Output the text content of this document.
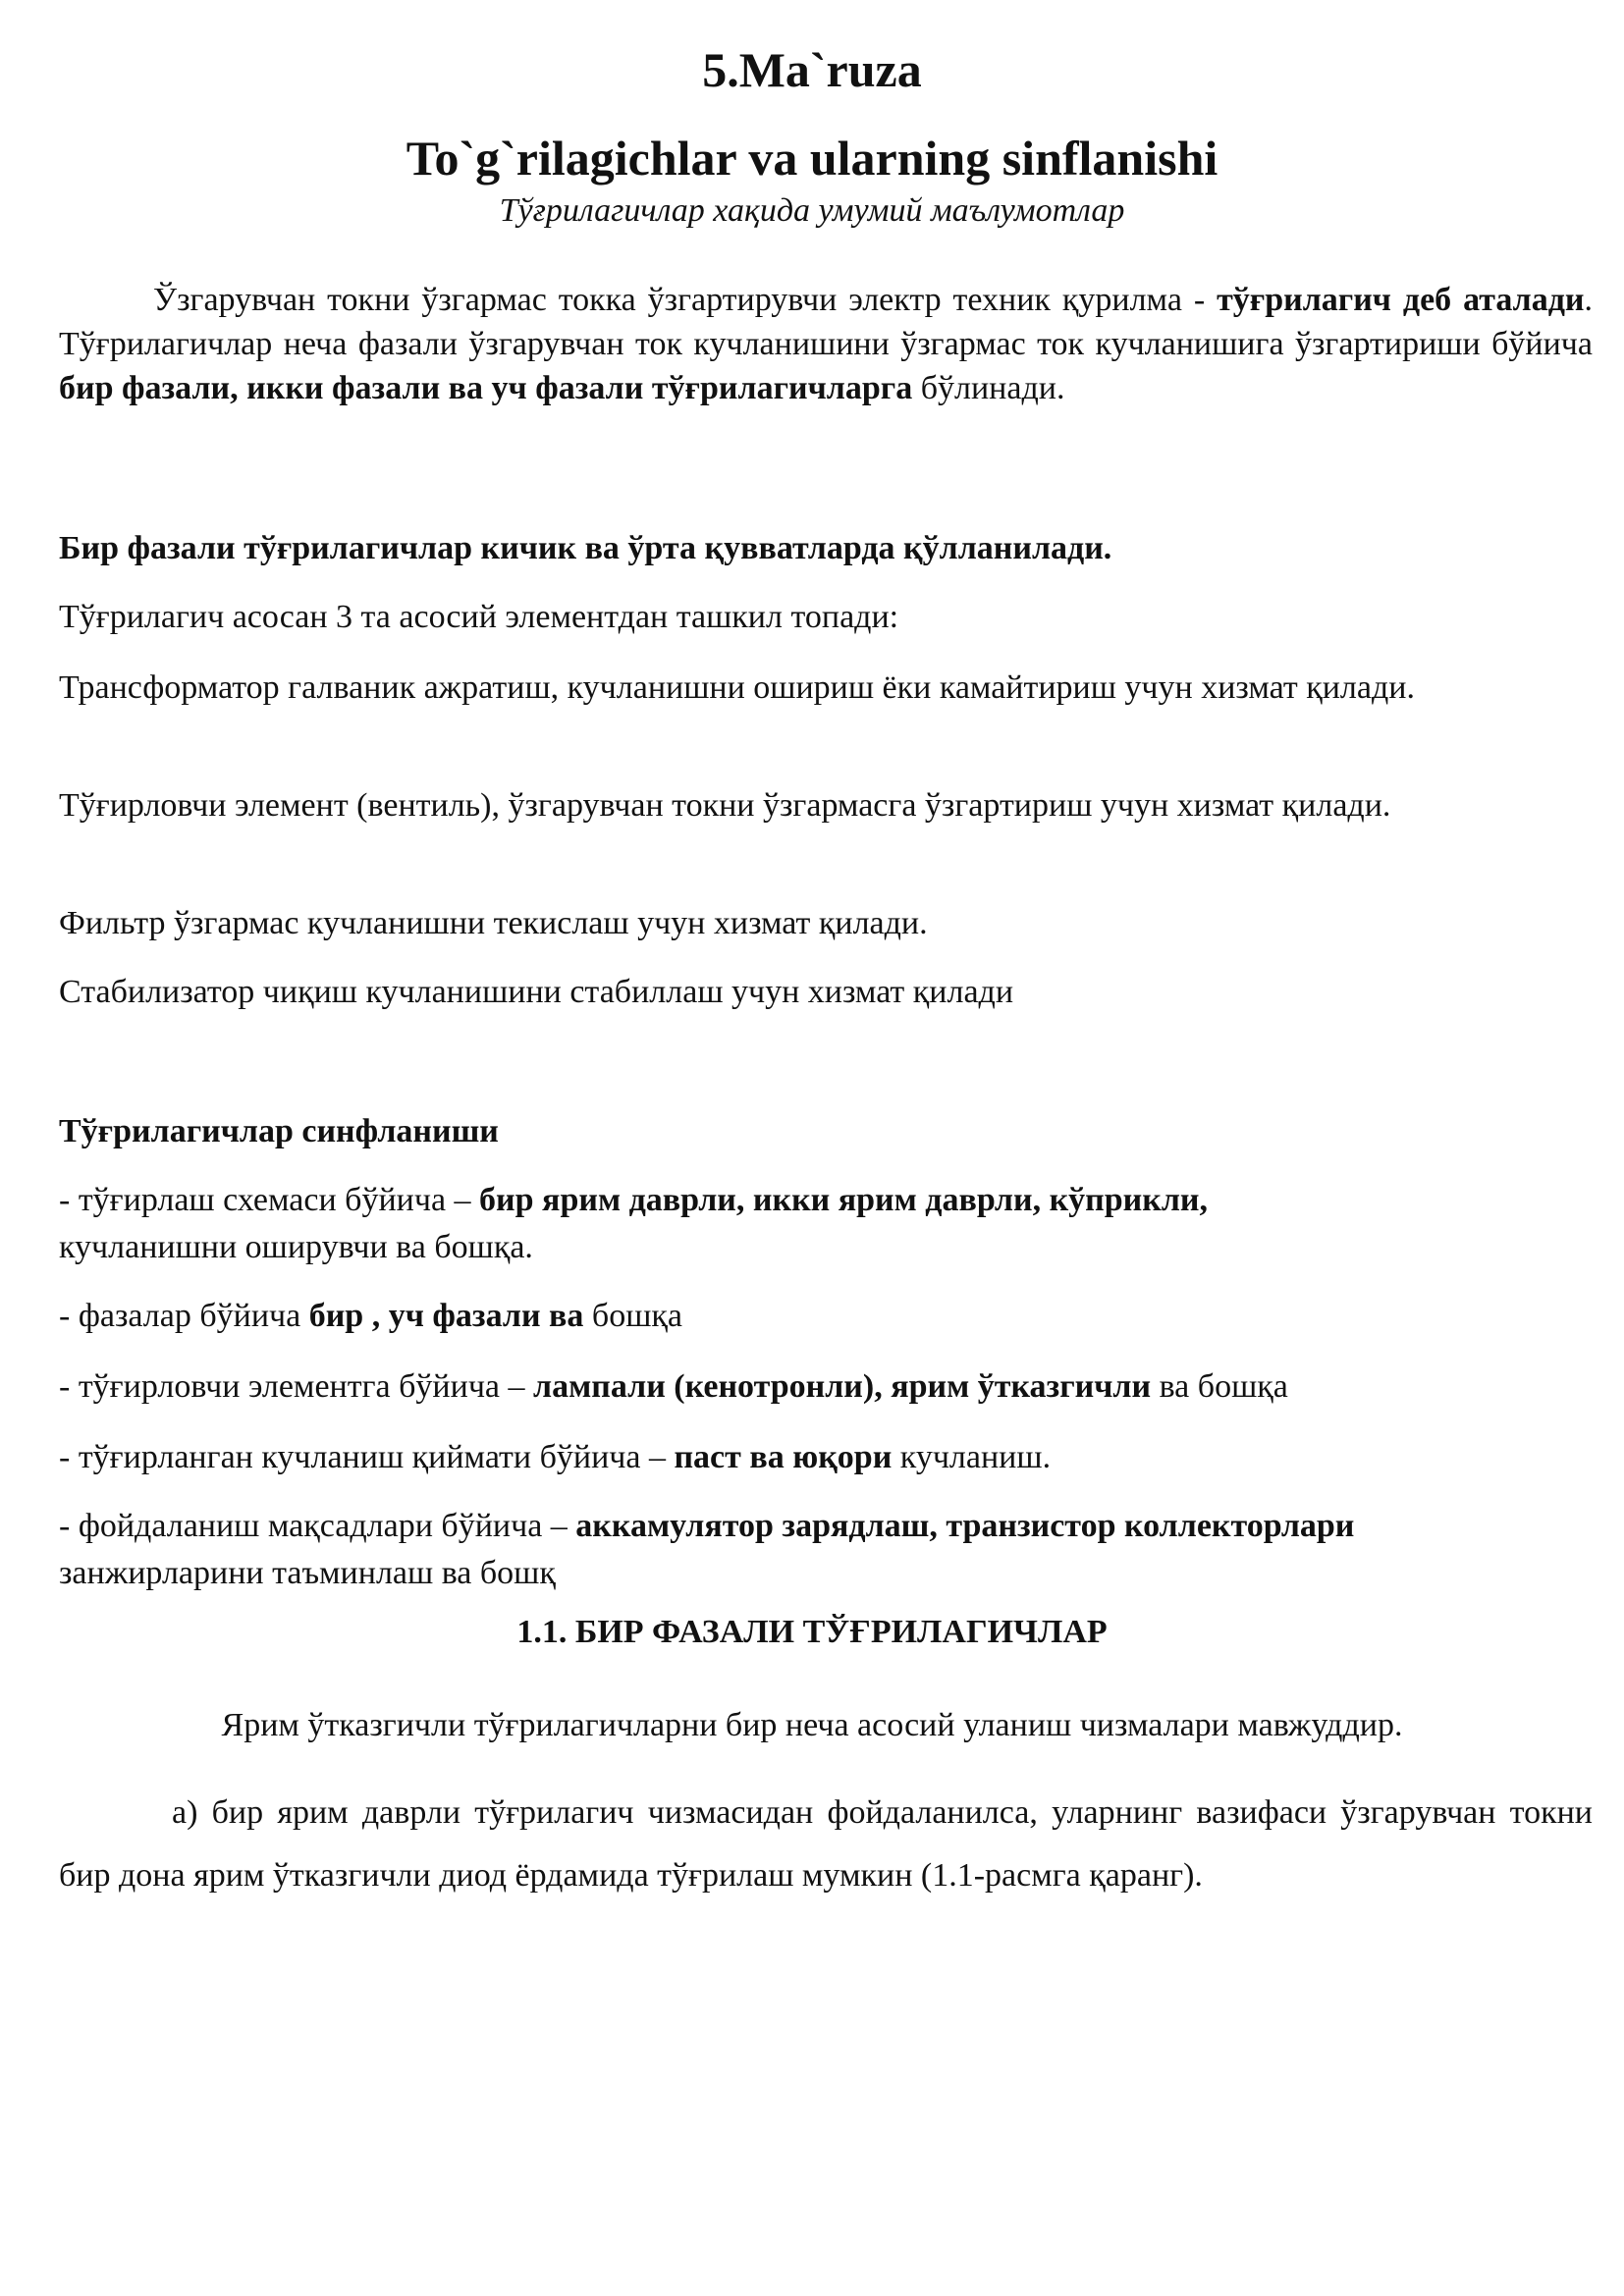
5.Ma`ruza
To`g`rilagichlar va ularning sinflanishi
Тўғрилагичлар хақида умумий маълумотлар
Ўзгарувчан токни ўзгармас токка ўзгартирувчи электр техник қурилма - тўғрилагич деб аталади. Тўғрилагичлар неча фазали ўзгарувчан ток кучланишини ўзгармас ток кучланишига ўзгартириши бўйича бир фазали, икки фазали ва уч фазали тўғрилагичларга бўлинади.
Бир фазали тўғрилагичлар кичик ва ўрта қувватларда қўлланилади.
Тўғрилагич асосан 3 та асосий элементдан ташкил топади:
Трансформатор галваник ажратиш, кучланишни ошириш ёки камайтириш учун хизмат қилади.
Тўғирловчи элемент (вентиль), ўзгарувчан токни ўзгармасга ўзгартириш учун хизмат қилади.
Фильтр ўзгармас кучланишни текислаш учун хизмат қилади.
Стабилизатор чиқиш кучланишини стабиллаш учун хизмат қилади
Тўғрилагичлар синфланиши
- тўғирлаш схемаси бўйича – бир ярим даврли, икки ярим даврли, кўприкли,
кучланишни оширувчи ва бошқа.
- фазалар бўйича бир , уч фазали ва бошқа
- тўғирловчи элементга бўйича – лампали (кенотронли), ярим ўтказгичли ва бошқа
- тўғирланган кучланиш қиймати бўйича – паст ва юқори кучланиш.
- фойдаланиш мақсадлари бўйича – аккамулятор зарядлаш, транзистор коллекторлари
занжирларини таъминлаш ва бошқ
1.1. БИР ФАЗАЛИ ТЎҒРИЛАГИЧЛАР
Ярим ўтказгичли тўғрилагичларни бир неча асосий уланиш чизмалари мавжуддир.
а) бир ярим даврли тўғрилагич чизмасидан фойдаланилса, уларнинг вазифаси ўзгарувчан токни бир дона ярим ўтказгичли диод ёрдамида тўғрилаш мумкин (1.1-расмга қаранг).
